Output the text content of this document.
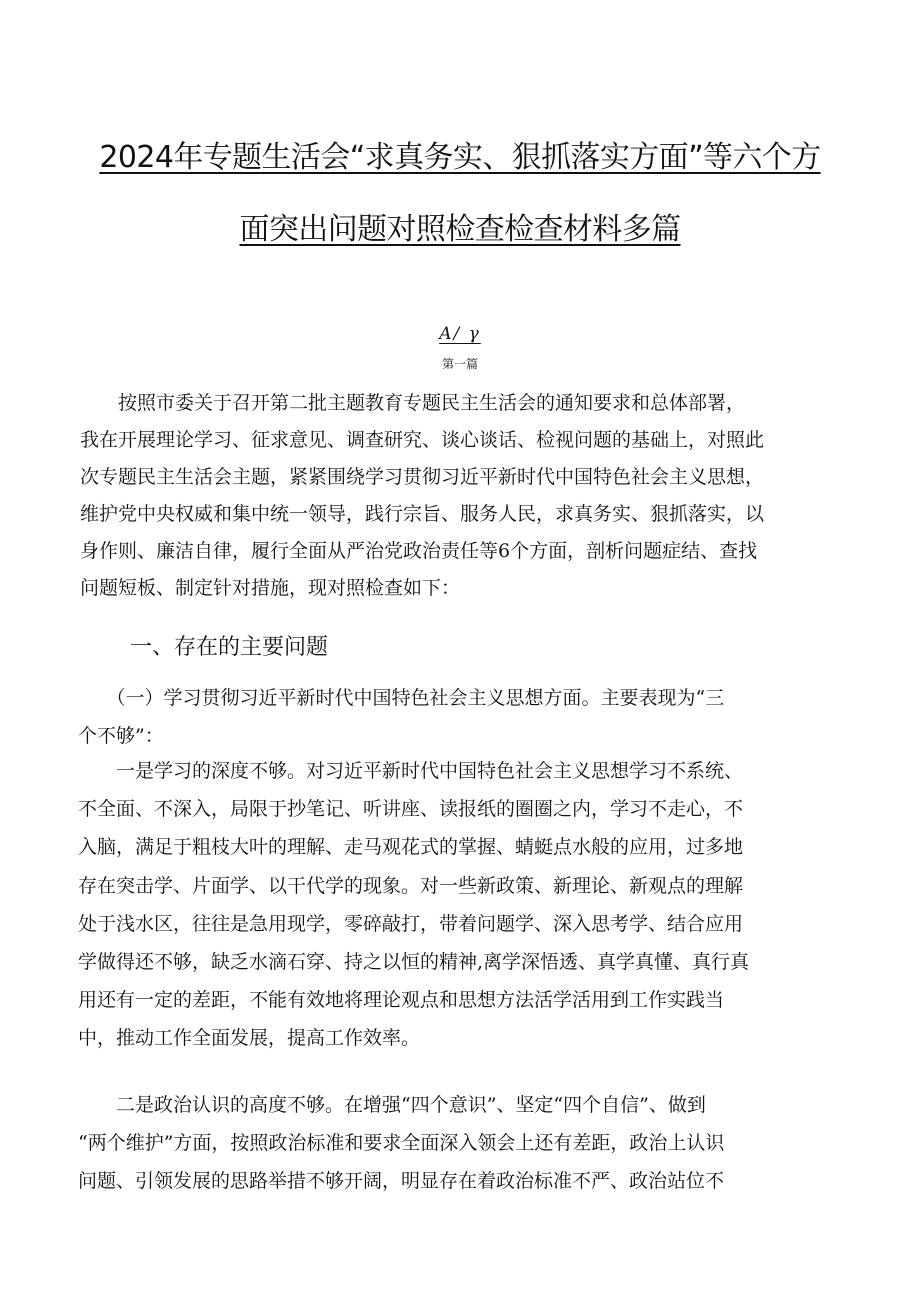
2024年专题生活会“求真务实、狠抓落实方面”等六个方
面突出问题对照检查检查材料多篇
A/ γ
第一篇
　　按照市委关于召开第二批主题教育专题民主生活会的通知要求和总体部署，
我在开展理论学习、征求意见、调查研究、谈心谈话、检视问题的基础上，对照此
次专题民主生活会主题，紧紧围绕学习贯彻习近平新时代中国特色社会主义思想，
维护党中央权威和集中统一领导，践行宗旨、服务人民，求真务实、狠抓落实，以
身作则、廉洁自律，履行全面从严治党政治责任等6个方面，剖析问题症结、查找
问题短板、制定针对措施，现对照检查如下：
一、存在的主要问题
　　（一）学习贯彻习近平新时代中国特色社会主义思想方面。主要表现为“三
个不够”：
　　一是学习的深度不够。对习近平新时代中国特色社会主义思想学习不系统、
不全面、不深入，局限于抄笔记、听讲座、读报纸的圈圈之内，学习不走心，不
入脑，满足于粗枝大叶的理解、走马观花式的掌握、蜻蜓点水般的应用，过多地
存在突击学、片面学、以干代学的现象。对一些新政策、新理论、新观点的理解
处于浅水区，往往是急用现学，零碎敲打，带着问题学、深入思考学、结合应用
学做得还不够，缺乏水滴石穿、持之以恒的精神,离学深悟透、真学真懂、真行真
用还有一定的差距，不能有效地将理论观点和思想方法活学活用到工作实践当
中，推动工作全面发展，提高工作效率。
　　二是政治认识的高度不够。在增强“四个意识”、坚定“四个自信”、做到
“两个维护”方面，按照政治标准和要求全面深入领会上还有差距，政治上认识
问题、引领发展的思路举措不够开阔，明显存在着政治标准不严、政治站位不
